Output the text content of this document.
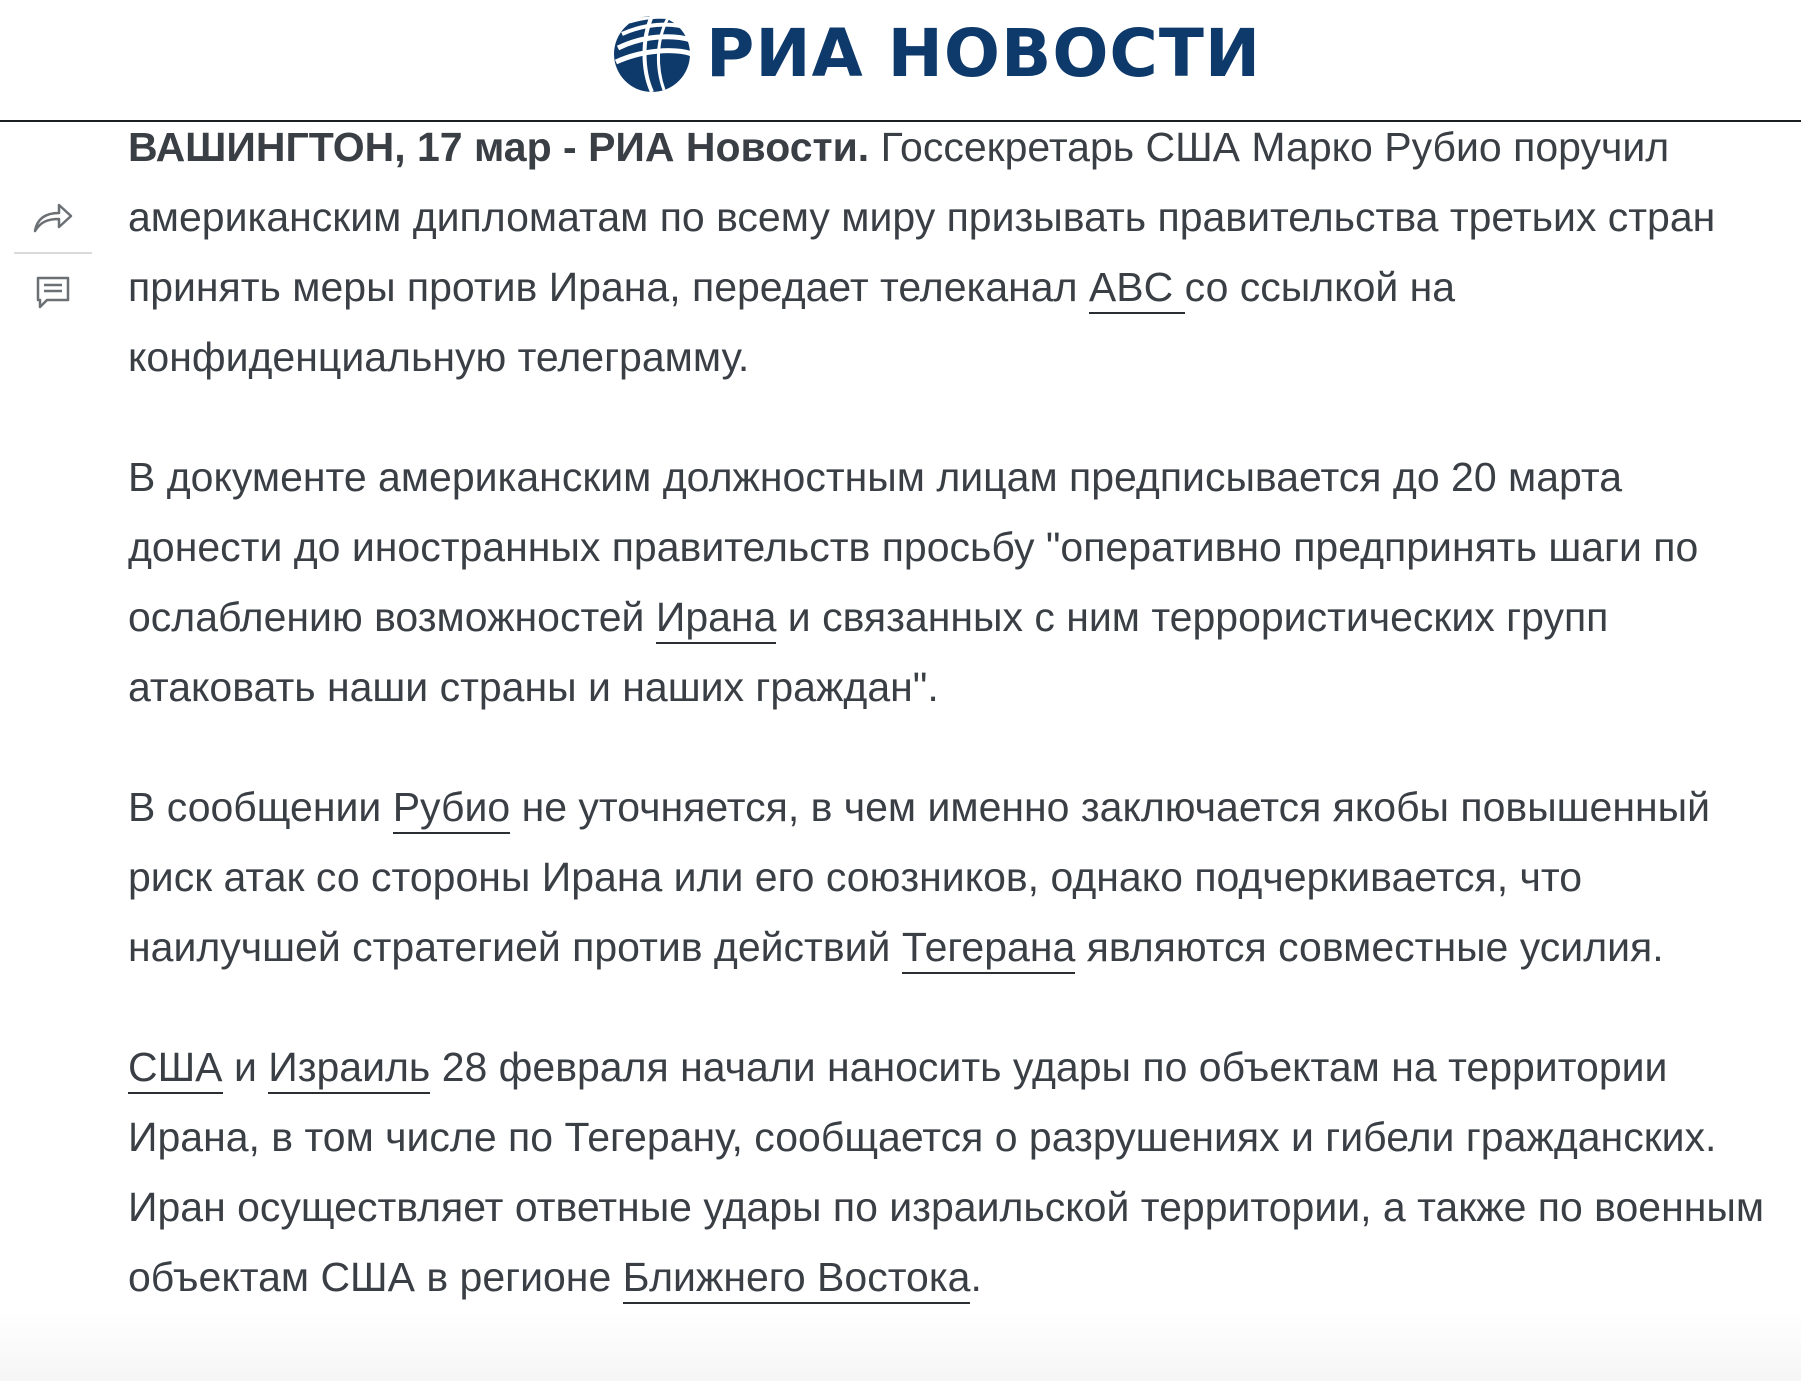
РИА НОВОСТИ

ВАШИНГТОН, 17 мар - РИА Новости. Госсекретарь США Марко Рубио поручил американским дипломатам по всему миру призывать правительства третьих стран принять меры против Ирана, передает телеканал ABC со ссылкой на конфиденциальную телеграмму.

В документе американским должностным лицам предписывается до 20 марта донести до иностранных правительств просьбу "оперативно предпринять шаги по ослаблению возможностей Ирана и связанных с ним террористических групп атаковать наши страны и наших граждан".

В сообщении Рубио не уточняется, в чем именно заключается якобы повышенный риск атак со стороны Ирана или его союзников, однако подчеркивается, что наилучшей стратегией против действий Тегерана являются совместные усилия.

США и Израиль 28 февраля начали наносить удары по объектам на территории Ирана, в том числе по Тегерану, сообщается о разрушениях и гибели гражданских. Иран осуществляет ответные удары по израильской территории, а также по военным объектам США в регионе Ближнего Востока.
